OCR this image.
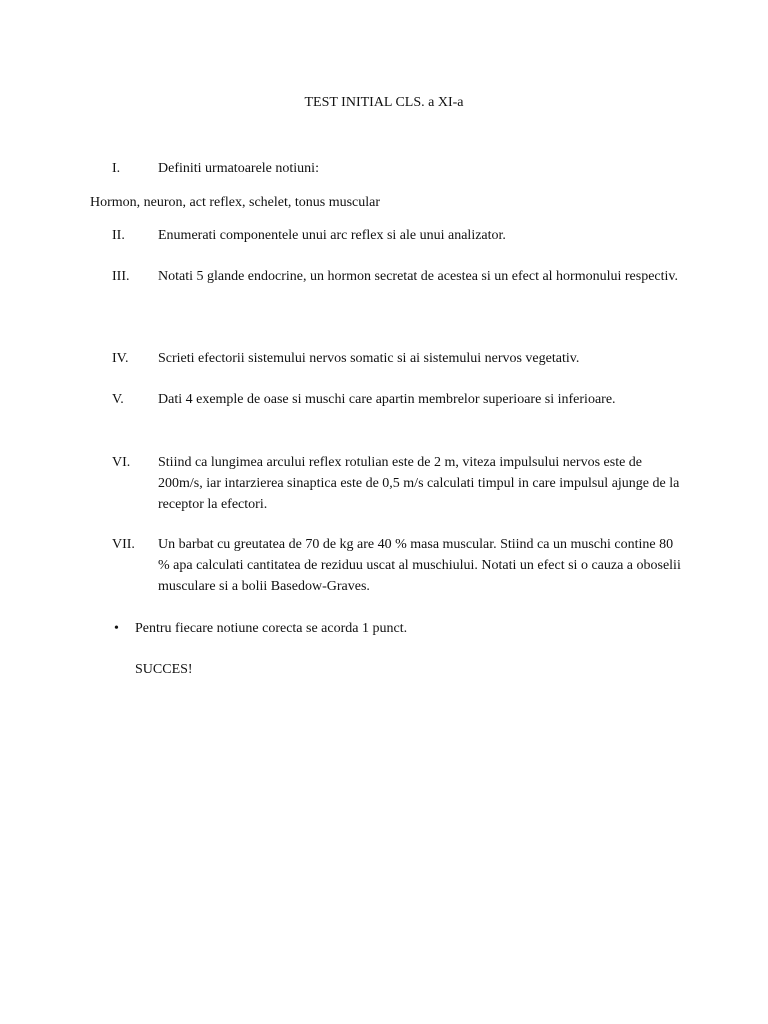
TEST INITIAL CLS. a XI-a
I.	Definiti urmatoarele notiuni:
Hormon, neuron, act reflex, schelet, tonus muscular
II.	Enumerati componentele unui arc reflex si ale unui analizator.
III.	Notati 5 glande endocrine, un hormon secretat de acestea si un efect al hormonului respectiv.
IV.	Scrieti efectorii sistemului nervos somatic si ai sistemului nervos vegetativ.
V.	Dati 4 exemple de oase si muschi care apartin membrelor superioare si inferioare.
VI.	Stiind ca lungimea arcului reflex rotulian este de 2 m, viteza impulsului nervos este de 200m/s, iar intarzierea sinaptica este de 0,5 m/s calculati timpul in care impulsul ajunge de la receptor la efectori.
VII.	Un barbat cu greutatea de 70 de kg are 40 % masa muscular. Stiind ca un muschi contine 80 % apa calculati cantitatea de reziduu uscat al muschiului. Notati un efect si o cauza a oboselii musculare si a bolii Basedow-Graves.
• Pentru fiecare notiune corecta se acorda 1 punct.
SUCCES!
